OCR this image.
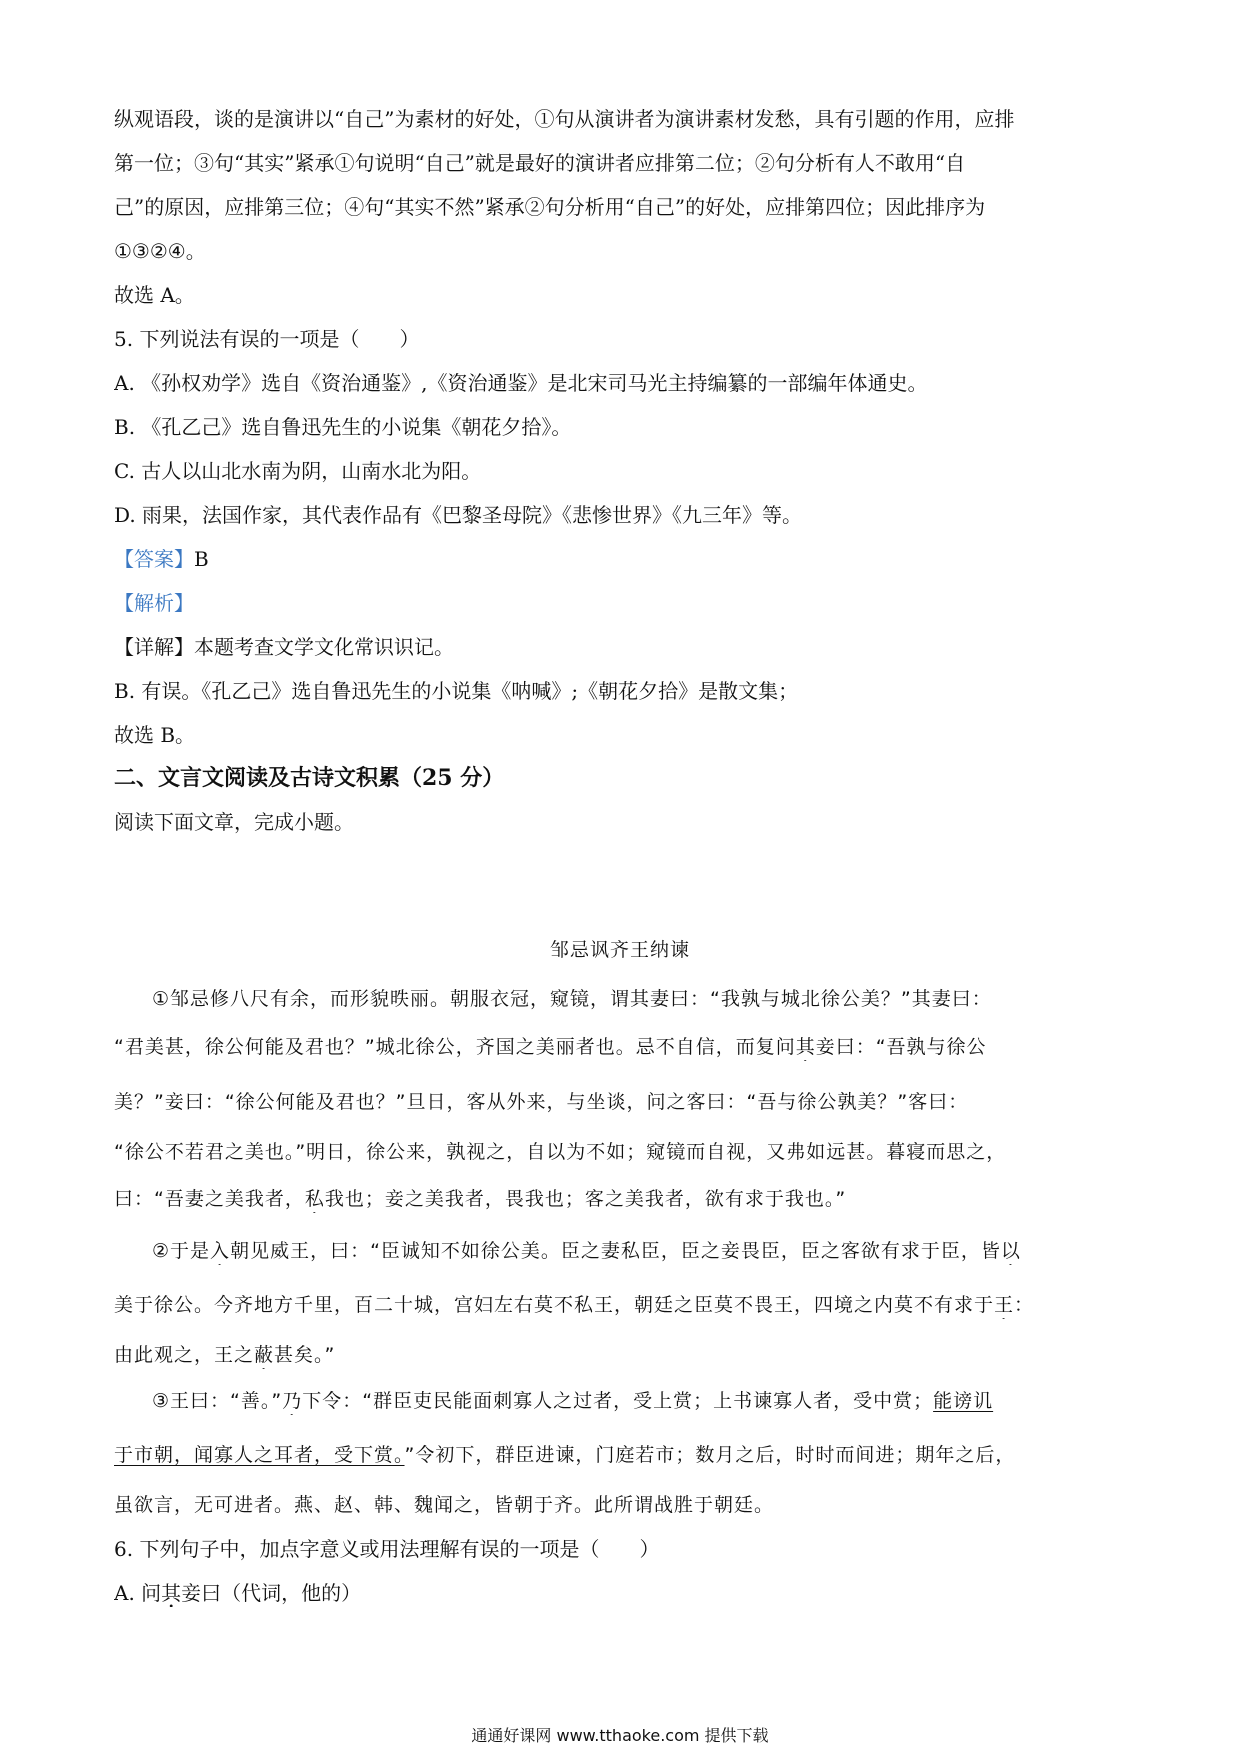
纵观语段，谈的是演讲以“自己”为素材的好处，①句从演讲者为演讲素材发愁，具有引题的作用，应排
第一位；③句“其实”紧承①句说明“自己”就是最好的演讲者应排第二位；②句分析有人不敢用“自
己”的原因，应排第三位；④句“其实不然”紧承②句分析用“自己”的好处，应排第四位；因此排序为
①③②④。
故选 A。
5. 下列说法有误的一项是（　　）
A. 《孙权劝学》选自《资治通鉴》,《资治通鉴》是北宋司马光主持编纂的一部编年体通史。
B. 《孔乙己》选自鲁迅先生的小说集《朝花夕拾》。
C. 古人以山北水南为阴，山南水北为阳。
D. 雨果，法国作家，其代表作品有《巴黎圣母院》《悲惨世界》《九三年》等。
【答案】B
【解析】
【详解】本题考查文学文化常识识记。
B. 有误。《孔乙己》选自鲁迅先生的小说集《呐喊》;《朝花夕拾》是散文集；
故选 B。
二、文言文阅读及古诗文积累（25 分）
阅读下面文章，完成小题。
邹忌讽齐王纳谏
①邹忌修八尺有余，而形貌昳丽。朝服衣冠，窥镜，谓其妻曰：“我孰与城北徐公美？”其妻曰：
“君美甚，徐公何能及君也？”城北徐公，齐国之美丽者也。忌不自信，而复问其妾曰：“吾孰与徐公
美？”妾曰：“徐公何能及君也？”旦日，客从外来，与坐谈，问之客曰：“吾与徐公孰美？”客曰：
“徐公不若君之美也。”明日，徐公来，孰视之，自以为不如；窥镜而自视，又弗如远甚。暮寝而思之，
曰：“吾妻之美我者，私我也；妾之美我者，畏我也；客之美我者，欲有求于我也。”
②于是入朝见威王，曰：“臣诚知不如徐公美。臣之妻私臣，臣之妾畏臣，臣之客欲有求于臣，皆以
美于徐公。今齐地方千里，百二十城，宫妇左右莫不私王，朝廷之臣莫不畏王，四境之内莫不有求于王：
由此观之，王之蔽甚矣。”
③王曰：“善。”乃下令：“群臣吏民能面刺寡人之过者，受上赏；上书谏寡人者，受中赏；能谤讥
于市朝，闻寡人之耳者，受下赏。”令初下，群臣进谏，门庭若市；数月之后，时时而间进；期年之后，
虽欲言，无可进者。燕、赵、韩、魏闻之，皆朝于齐。此所谓战胜于朝廷。
6. 下列句子中，加点字意义或用法理解有误的一项是（　　）
A. 问其妾曰（代词，他的）
通通好课网 www.tthaoke.com 提供下载
